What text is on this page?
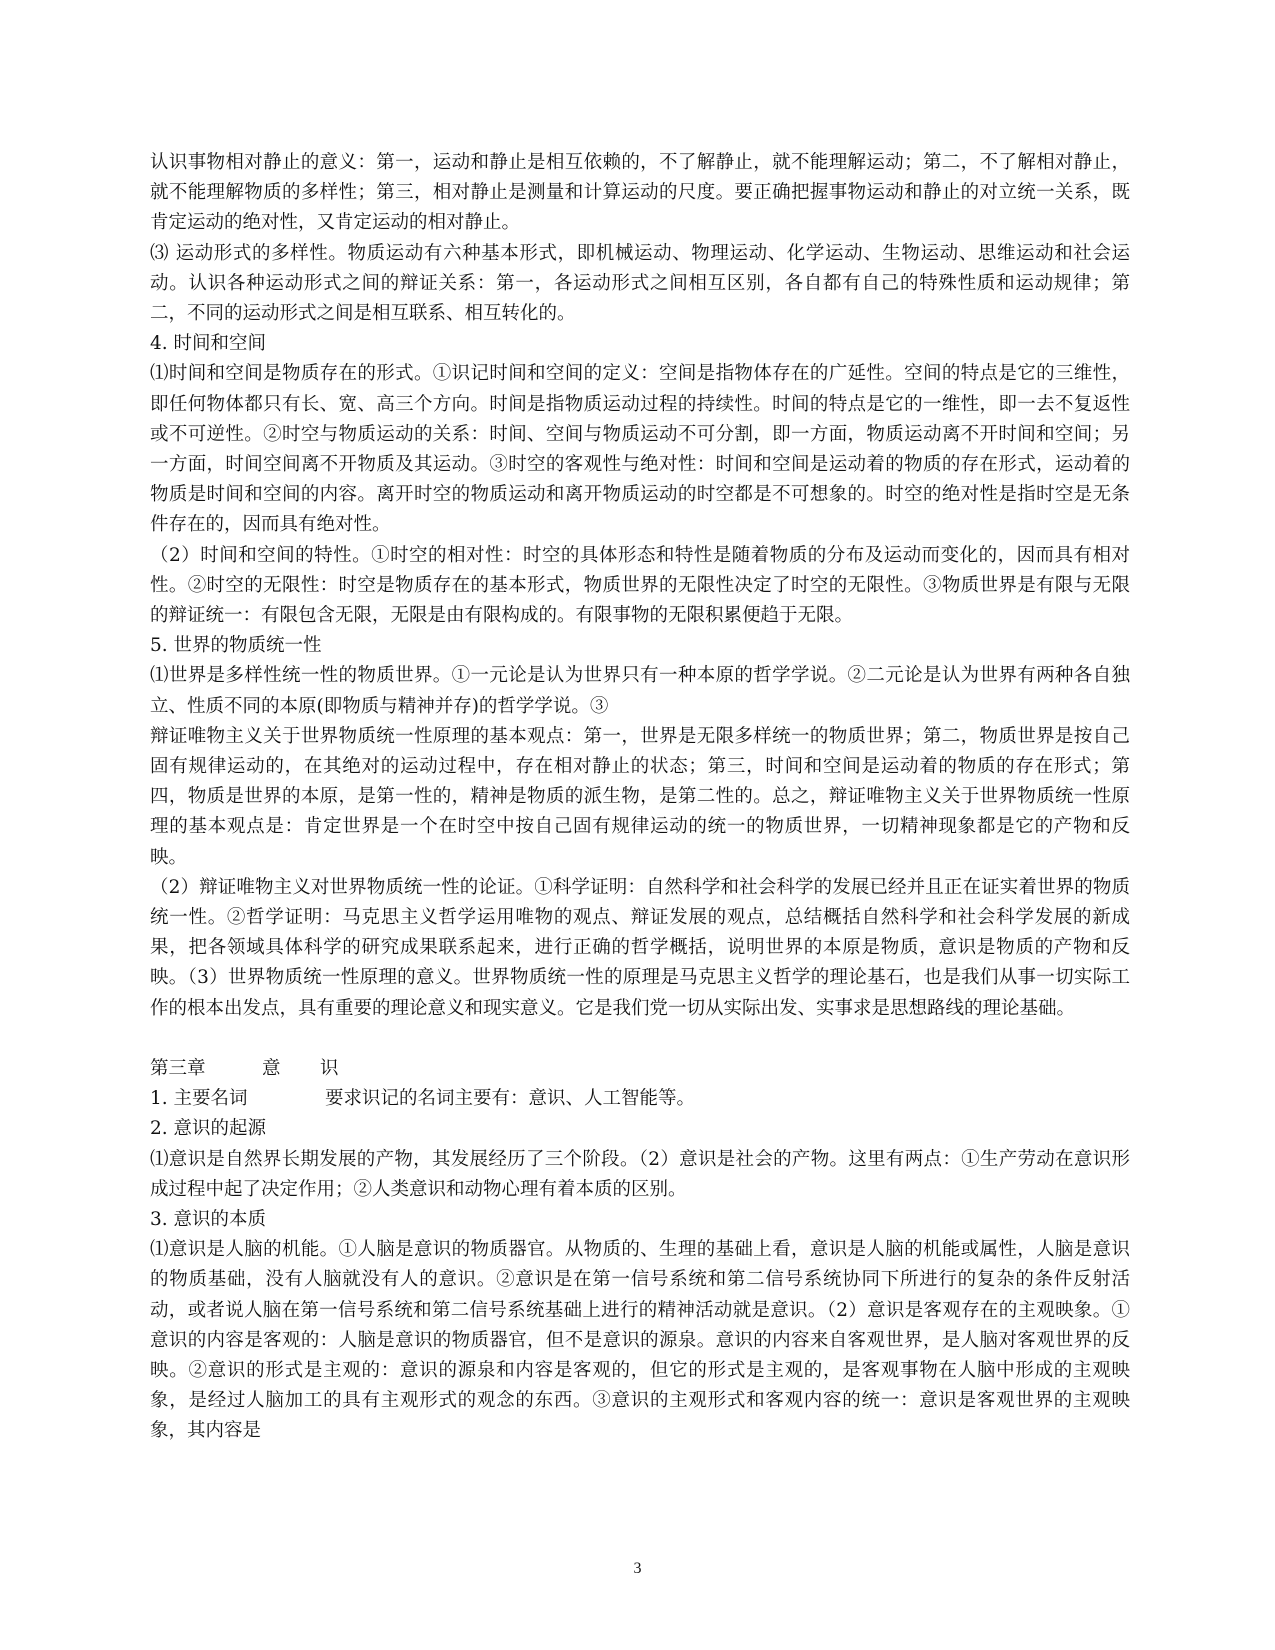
认识事物相对静止的意义：第一，运动和静止是相互依赖的，不了解静止，就不能理解运动；第二，不了解相对静止，就不能理解物质的多样性；第三，相对静止是测量和计算运动的尺度。要正确把握事物运动和静止的对立统一关系，既肯定运动的绝对性，又肯定运动的相对静止。

⑶ 运动形式的多样性。物质运动有六种基本形式，即机械运动、物理运动、化学运动、生物运动、思维运动和社会运动。认识各种运动形式之间的辩证关系：第一，各运动形式之间相互区别，各自都有自己的特殊性质和运动规律；第二，不同的运动形式之间是相互联系、相互转化的。

4. 时间和空间

⑴时间和空间是物质存在的形式。①识记时间和空间的定义：空间是指物体存在的广延性。空间的特点是它的三维性，即任何物体都只有长、宽、高三个方向。时间是指物质运动过程的持续性。时间的特点是它的一维性，即一去不复返性或不可逆性。②时空与物质运动的关系：时间、空间与物质运动不可分割，即一方面，物质运动离不开时间和空间；另一方面，时间空间离不开物质及其运动。③时空的客观性与绝对性：时间和空间是运动着的物质的存在形式，运动着的物质是时间和空间的内容。离开时空的物质运动和离开物质运动的时空都是不可想象的。时空的绝对性是指时空是无条件存在的，因而具有绝对性。

（2）时间和空间的特性。①时空的相对性：时空的具体形态和特性是随着物质的分布及运动而变化的，因而具有相对性。②时空的无限性：时空是物质存在的基本形式，物质世界的无限性决定了时空的无限性。③物质世界是有限与无限的辩证统一：有限包含无限，无限是由有限构成的。有限事物的无限积累便趋于无限。

5. 世界的物质统一性

⑴世界是多样性统一性的物质世界。①一元论是认为世界只有一种本原的哲学学说。②二元论是认为世界有两种各自独立、性质不同的本原(即物质与精神并存)的哲学学说。③

辩证唯物主义关于世界物质统一性原理的基本观点：第一，世界是无限多样统一的物质世界；第二，物质世界是按自己固有规律运动的，在其绝对的运动过程中，存在相对静止的状态；第三，时间和空间是运动着的物质的存在形式；第四，物质是世界的本原，是第一性的，精神是物质的派生物，是第二性的。总之，辩证唯物主义关于世界物质统一性原理的基本观点是：肯定世界是一个在时空中按自己固有规律运动的统一的物质世界，一切精神现象都是它的产物和反映。

（2）辩证唯物主义对世界物质统一性的论证。①科学证明：自然科学和社会科学的发展已经并且正在证实着世界的物质统一性。②哲学证明：马克思主义哲学运用唯物的观点、辩证发展的观点，总结概括自然科学和社会科学发展的新成果，把各领域具体科学的研究成果联系起来，进行正确的哲学概括，说明世界的本原是物质，意识是物质的产物和反映。（3）世界物质统一性原理的意义。世界物质统一性的原理是马克思主义哲学的理论基石，也是我们从事一切实际工作的根本出发点，具有重要的理论意义和现实意义。它是我们党一切从实际出发、实事求是思想路线的理论基础。

第三章	意 识

1. 主要名词	要求识记的名词主要有：意识、人工智能等。

2. 意识的起源

⑴意识是自然界长期发展的产物，其发展经历了三个阶段。（2）意识是社会的产物。这里有两点：①生产劳动在意识形成过程中起了决定作用；②人类意识和动物心理有着本质的区别。

3. 意识的本质

⑴意识是人脑的机能。①人脑是意识的物质器官。从物质的、生理的基础上看，意识是人脑的机能或属性，人脑是意识的物质基础，没有人脑就没有人的意识。②意识是在第一信号系统和第二信号系统协同下所进行的复杂的条件反射活动，或者说人脑在第一信号系统和第二信号系统基础上进行的精神活动就是意识。（2）意识是客观存在的主观映象。①意识的内容是客观的：人脑是意识的物质器官，但不是意识的源泉。意识的内容来自客观世界，是人脑对客观世界的反映。②意识的形式是主观的：意识的源泉和内容是客观的，但它的形式是主观的，是客观事物在人脑中形成的主观映象，是经过人脑加工的具有主观形式的观念的东西。③意识的主观形式和客观内容的统一：意识是客观世界的主观映象，其内容是

3
